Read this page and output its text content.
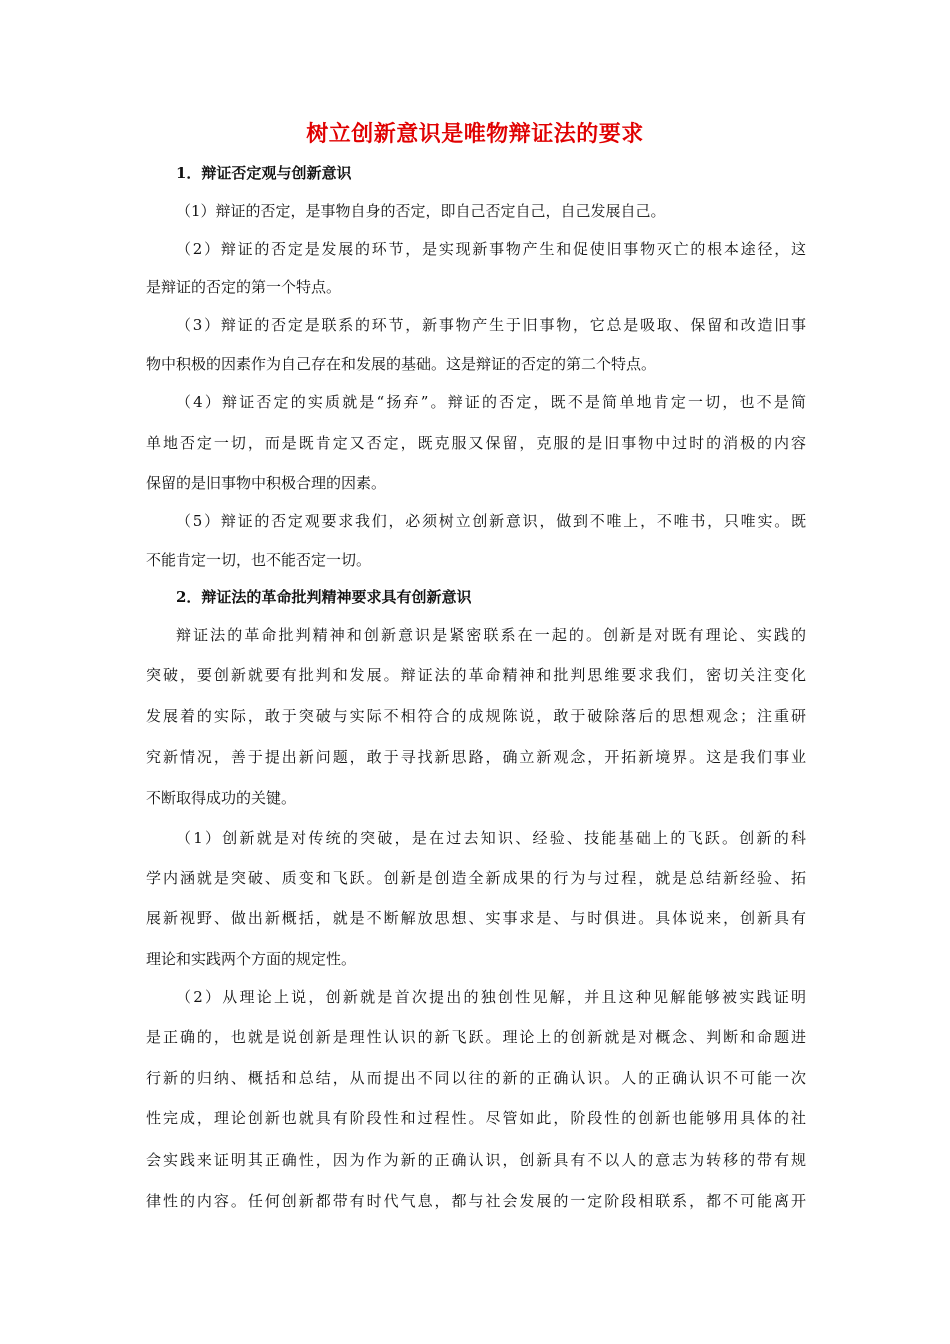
树立创新意识是唯物辩证法的要求
1．辩证否定观与创新意识
（1）辩证的否定，是事物自身的否定，即自己否定自己，自己发展自己。
（2）辩证的否定是发展的环节，是实现新事物产生和促使旧事物灭亡的根本途径，这
是辩证的否定的第一个特点。
（3）辩证的否定是联系的环节，新事物产生于旧事物，它总是吸取、保留和改造旧事
物中积极的因素作为自己存在和发展的基础。这是辩证的否定的第二个特点。
（4）辩证否定的实质就是“扬弃”。辩证的否定，既不是简单地肯定一切，也不是简
单地否定一切，而是既肯定又否定，既克服又保留，克服的是旧事物中过时的消极的内容
保留的是旧事物中积极合理的因素。
（5）辩证的否定观要求我们，必须树立创新意识，做到不唯上，不唯书，只唯实。既
不能肯定一切，也不能否定一切。
2．辩证法的革命批判精神要求具有创新意识
辩证法的革命批判精神和创新意识是紧密联系在一起的。创新是对既有理论、实践的
突破，要创新就要有批判和发展。辩证法的革命精神和批判思维要求我们，密切关注变化
发展着的实际，敢于突破与实际不相符合的成规陈说，敢于破除落后的思想观念；注重研
究新情况，善于提出新问题，敢于寻找新思路，确立新观念，开拓新境界。这是我们事业
不断取得成功的关键。
（1）创新就是对传统的突破，是在过去知识、经验、技能基础上的飞跃。创新的科
学内涵就是突破、质变和飞跃。创新是创造全新成果的行为与过程，就是总结新经验、拓
展新视野、做出新概括，就是不断解放思想、实事求是、与时俱进。具体说来，创新具有
理论和实践两个方面的规定性。
（2）从理论上说，创新就是首次提出的独创性见解，并且这种见解能够被实践证明
是正确的，也就是说创新是理性认识的新飞跃。理论上的创新就是对概念、判断和命题进
行新的归纳、概括和总结，从而提出不同以往的新的正确认识。人的正确认识不可能一次
性完成，理论创新也就具有阶段性和过程性。尽管如此，阶段性的创新也能够用具体的社
会实践来证明其正确性，因为作为新的正确认识，创新具有不以人的意志为转移的带有规
律性的内容。任何创新都带有时代气息，都与社会发展的一定阶段相联系，都不可能离开
